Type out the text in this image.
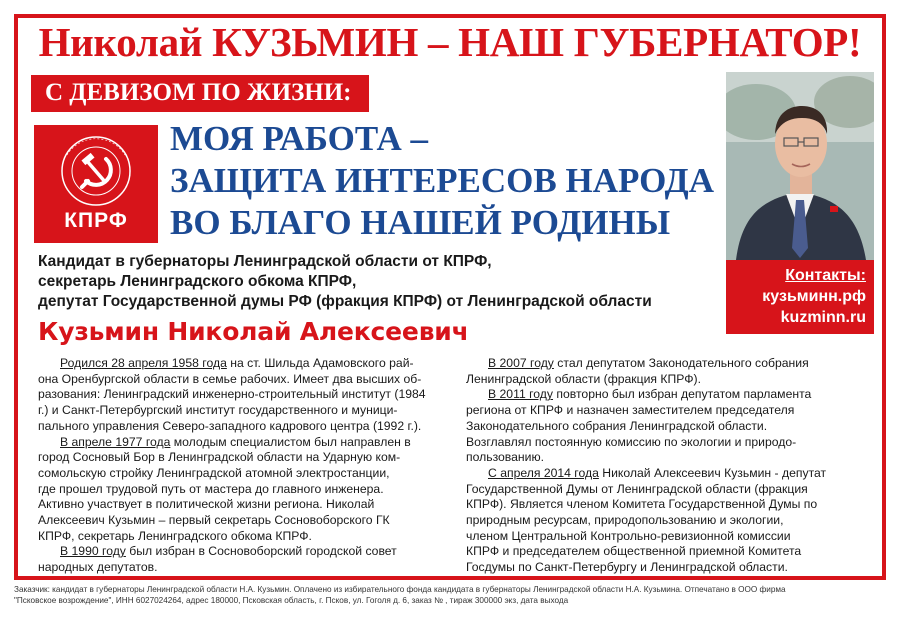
Николай КУЗЬМИН – НАШ ГУБЕРНАТОР!
С ДЕВИЗОМ ПО ЖИЗНИ:
КПРФ
МОЯ РАБОТА –
ЗАЩИТА ИНТЕРЕСОВ НАРОДА
ВО БЛАГО НАШЕЙ РОДИНЫ
Контакты:
кузьминн.рф
kuzminn.ru
Кандидат в губернаторы Ленинградской области от КПРФ,
секретарь Ленинградского обкома КПРФ,
депутат Государственной думы РФ (фракция КПРФ) от Ленинградской области
Кузьмин Николай Алексеевич
Родился 28 апреля 1958 года на ст. Шильда Адамовского рай-
она Оренбургской области в семье рабочих. Имеет два высших об-
разования: Ленинградский инженерно-строительный институт (1984
г.) и Санкт-Петербургский институт государственного и муници-
пального управления Северо-западного кадрового центра (1992 г.).
В апреле 1977 года молодым специалистом был направлен в
город Сосновый Бор в Ленинградской области на Ударную ком-
сомольскую стройку Ленинградской атомной электростанции,
где прошел трудовой путь от мастера до главного инженера.
Активно участвует в политической жизни региона. Николай
Алексеевич Кузьмин – первый секретарь Сосновоборского ГК
КПРФ, секретарь Ленинградского обкома КПРФ.
В 1990 году был избран в Сосновоборский городской совет
народных депутатов.
В 2007 году стал депутатом Законодательного собрания
Ленинградской области (фракция КПРФ).
В 2011 году повторно был избран депутатом парламента
региона от КПРФ и назначен заместителем председателя
Законодательного собрания Ленинградской области.
Возглавлял постоянную комиссию по экологии и природо-
пользованию.
С апреля 2014 года Николай Алексеевич Кузьмин - депутат
Государственной Думы от Ленинградской области (фракция
КПРФ). Является членом Комитета Государственной Думы по
природным ресурсам, природопользованию и экологии,
членом Центральной Контрольно-ревизионной комиссии
КПРФ и председателем общественной приемной Комитета
Госдумы по Санкт-Петербургу и Ленинградской области.
Заказчик: кандидат в губернаторы Ленинградской области Н.А. Кузьмин. Оплачено из избирательного фонда кандидата в губернаторы Ленинградской области Н.А. Кузьмина. Отпечатано в ООО фирма
"Псковское возрождение", ИНН 6027024264, адрес 180000, Псковская область, г. Псков, ул. Гоголя д. 6, заказ № , тираж 300000 экз, дата выхода
